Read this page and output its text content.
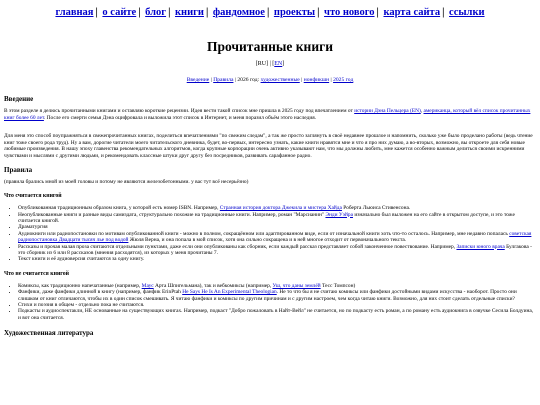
главная | о сайте | блог | книги | фандомное | проекты | что нового | карта сайта | ссылки
Прочитанные книги
[RU] | [EN]
Введение | Правила | 2026 год: художественные | нонфикшн | 2025 год
Введение

В этом разделе я делюсь прочитанными книгами и оставляю короткие рецензии. Идея вести такой список мне пришла в 2025 году под впечатлением от истории Дэна Пельцера (EN), американца, который вёл список прочитанных книг более 60 лет. После его смерти семья Дэна оцифровала и выложила этот список в Интернет, и меня поразил объём этого наследия.

Для меня это способ поупражняться в свежепрочитанных книгах, поделиться впечатлениями "по свежим следам", а так же просто заглянуть в своё недавнее прошлое и напомнить, сколько уже было проделано работы (ведь чтение книг тоже своего рода труд). Ну а вам, дорогие читатели моего читательского дневника, будет, во-первых, интересно узнать, какие книги нравятся мне и что я про них думаю, а во-вторых, возможно, вы откроете для себя новые любимые произведения. В нашу эпоху главенства рекомендательных алгоритмов, когда крупные корпорации очень активно указывают нам, что мы должны любить, мне кажется особенно важным делиться своими искренними чувствами и мыслями с другими людьми, и рекомендовать классные штуки друг другу без посредников, развивать сарафанное радио.

Правила

(правила брались мной из моей головы и потому не являются железобетонными. у вас тут всё несерьёзно)

Что считается книгой
• Опубликованная традиционным образом книга, у которой есть номер ISBN. Например, Странная история доктора Джекила и мистера Хайда Роберта Льюиса Стивенсона.
• Неопубликованные книги и разные виды самиздата, структурально похожие на традиционные книги. Например, роман "Марсианин" Энди Уэйра изначально был выложен на его сайте в открытом доступе, и это тоже считается книгой.
• Драматургия
• Аудиокниги или радиопостановки по мотивам опубликованной книги - можно в полном, сокращённом или адаптированном виде, если от изначальной книги хоть что-то осталось. Например, мне недавно попалась советская радиопостановка Двадцати тысяч лье под водой Жюля Верна, и она попала в мой список, хотя она сильно сокращена и в ней многое отходит от первоначального текста.
• Рассказы и прочая малая проза считаются отдельными пунктами, даже если они опубликованы как сборник, если каждый рассказ представляет собой законченное повествование. Например, Записки юного врача Булгакова - это сборник из 6 или 8 рассказов (мнения расходятся), из которых у меня прочитаны 7.
• Текст книги и её аудиоверсия считаются за одну книгу.
Что не считается книгой
• Комиксы, как традиционно напечатанные (например, Маус Арта Шпигельмана), так и вебкомиксы (например, Уш, что даны землёй Тесс Томпсон)
• Фанфики, даже фанфики длинной в книгу (например, фанфик ErinPtah He Says He Is An Experimental Theologian. Не то что бы я не считаю комиксы или фанфики достойными видами искусства - наоборот. Просто они слишком от книг отличаются, чтобы их в один список смешивать. Я читаю фанфики и комиксы по другим причинам и с другим настроем, чем когда читаю книги. Возможно, для них стоит сделать отдельные списки?
• Стихи и поэзия в общем - отдельно пока не считаются.
• Подкасты и аудиоспектакли, НЕ основанные на существующих книгах. Например, подкаст "Добро пожаловать в Найт-Вейл" не считается, но по подкасту есть роман, а по роману есть аудиокнига в озвучке Сесила Болдуина, и вот она считается.
Художественная литература
